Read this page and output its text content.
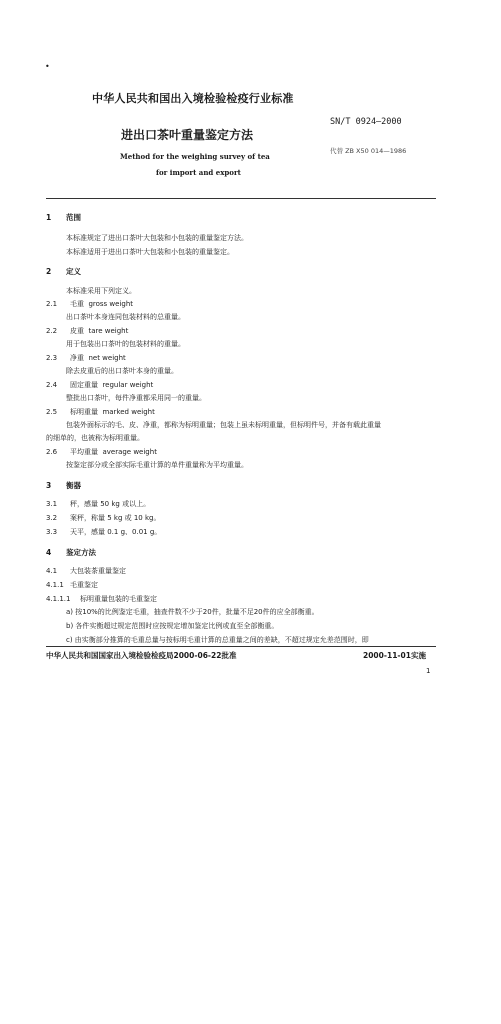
•
中华人民共和国出入境检验检疫行业标准
SN/T 0924—2000
进出口茶叶重量鉴定方法
代替 ZB X50 014—1986
Method for the weighing survey of tea
for import and export
1 范围
本标准规定了进出口茶叶大包装和小包装的重量鉴定方法。
本标准适用于进出口茶叶大包装和小包装的重量鉴定。
2 定义
本标准采用下列定义。
2.1 毛重 gross weight
出口茶叶本身连同包装材料的总重量。
2.2 皮重 tare weight
用于包装出口茶叶的包装材料的重量。
2.3 净重 net weight
除去皮重后的出口茶叶本身的重量。
2.4 固定重量 regular weight
整批出口茶叶，每件净重都采用同一的重量。
2.5 标明重量 marked weight
包装外面标示的毛、皮、净重，都称为标明重量；包装上虽未标明重量，但标明件号，并备有载此重量
的细单的，也被称为标明重量。
2.6 平均重量 average weight
按鉴定部分或全部实际毛重计算的单件重量称为平均重量。
3 衡器
3.1 秤，感量 50 kg 或以上。
3.2 案秤，称量 5 kg 或 10 kg。
3.3 天平，感量 0.1 g、0.01 g。
4 鉴定方法
4.1 大包装茶重量鉴定
4.1.1 毛重鉴定
4.1.1.1 标明重量包装的毛重鉴定
a) 按10%的比例鉴定毛重，抽查件数不少于20件，批量不足20件的应全部衡重。
b) 各件实衡超过规定范围时应按规定增加鉴定比例或直至全部衡重。
c) 由实衡部分推算的毛重总量与按标明毛重计算的总重量之间的差缺，不超过规定允差范围时，即
中华人民共和国国家出入境检验检疫局2000-06-22批准	2000-11-01实施
1
